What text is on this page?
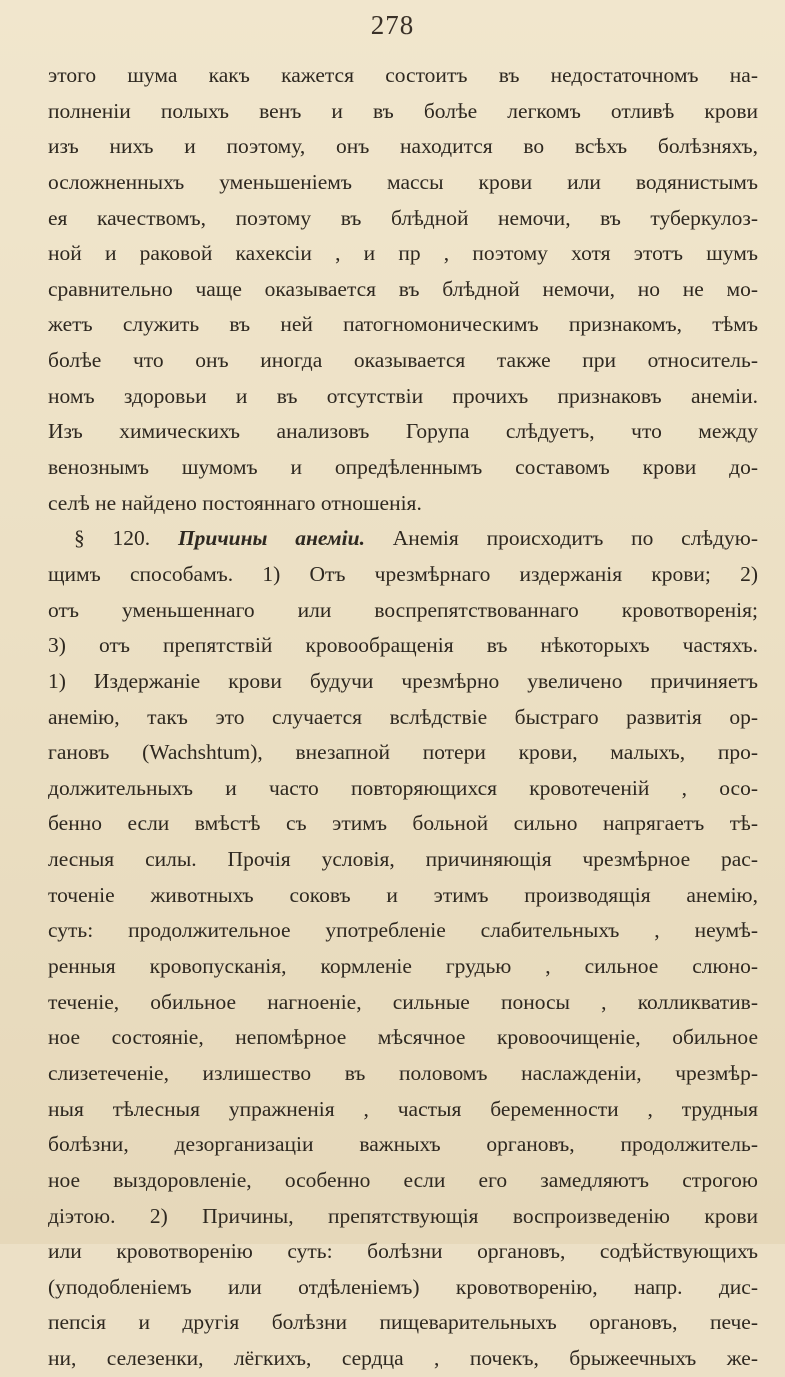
278
этого шума какъ кажется состоитъ въ недостаточномъ на-
полненіи полыхъ венъ и въ болѣе легкомъ отливѣ крови
изъ нихъ и поэтому, онъ находится во всѣхъ болѣзняхъ,
осложненныхъ уменьшеніемъ массы крови или водянистымъ
ея качествомъ, поэтому въ блѣдной немочи, въ туберкулоз-
ной и раковой кахексіи , и пр , поэтому хотя этотъ шумъ
сравнительно чаще оказывается въ блѣдной немочи, но не мо-
жетъ служить въ ней патогномоническимъ признакомъ, тѣмъ
болѣе что онъ иногда оказывается также при относитель-
номъ здоровьи и въ отсутствіи прочихъ признаковъ анеміи.
Изъ химическихъ анализовъ Горупа слѣдуетъ, что между
венознымъ шумомъ и опредѣленнымъ составомъ крови до-
селѣ не найдено постояннаго отношенія.
§ 120. Причины анеміи. Анемія происходитъ по слѣдую-
щимъ способамъ. 1) Отъ чрезмѣрнаго издержанія крови; 2)
отъ уменьшеннаго или воспрепятствованнаго кровотворенія;
3) отъ препятствій кровообращенія въ нѣкоторыхъ частяхъ.
1) Издержаніе крови будучи чрезмѣрно увеличено причиняетъ
анемію, такъ это случается вслѣдствіе быстраго развитія ор-
гановъ (Wachshtum), внезапной потери крови, малыхъ, про-
должительныхъ и часто повторяющихся кровотеченій , осо-
бенно если вмѣстѣ съ этимъ больной сильно напрягаетъ тѣ-
лесныя силы. Прочія условія, причиняющія чрезмѣрное рас-
точеніе животныхъ соковъ и этимъ производящія анемію,
суть: продолжительное употребленіе слабительныхъ , неумѣ-
ренныя кровопусканія, кормленіе грудью , сильное слюно-
теченіе, обильное нагноеніе, сильные поносы , колликватив-
ное состояніе, непомѣрное мѣсячное кровоочищеніе, обильное
слизетеченіе, излишество въ половомъ наслажденіи, чрезмѣр-
ныя тѣлесныя упражненія , частыя беременности , трудныя
болѣзни, дезорганизаціи важныхъ органовъ, продолжитель-
ное выздоровленіе, особенно если его замедляютъ строгою
діэтою. 2) Причины, препятствующія воспроизведенію крови
или кровотворенію суть: болѣзни органовъ, содѣйствующихъ
(уподобленіемъ или отдѣленіемъ) кровотворенію, напр. дис-
пепсія и другія болѣзни пищеварительныхъ органовъ, пече-
ни, селезенки, лёгкихъ, сердца , почекъ, брыжеечныхъ же-
